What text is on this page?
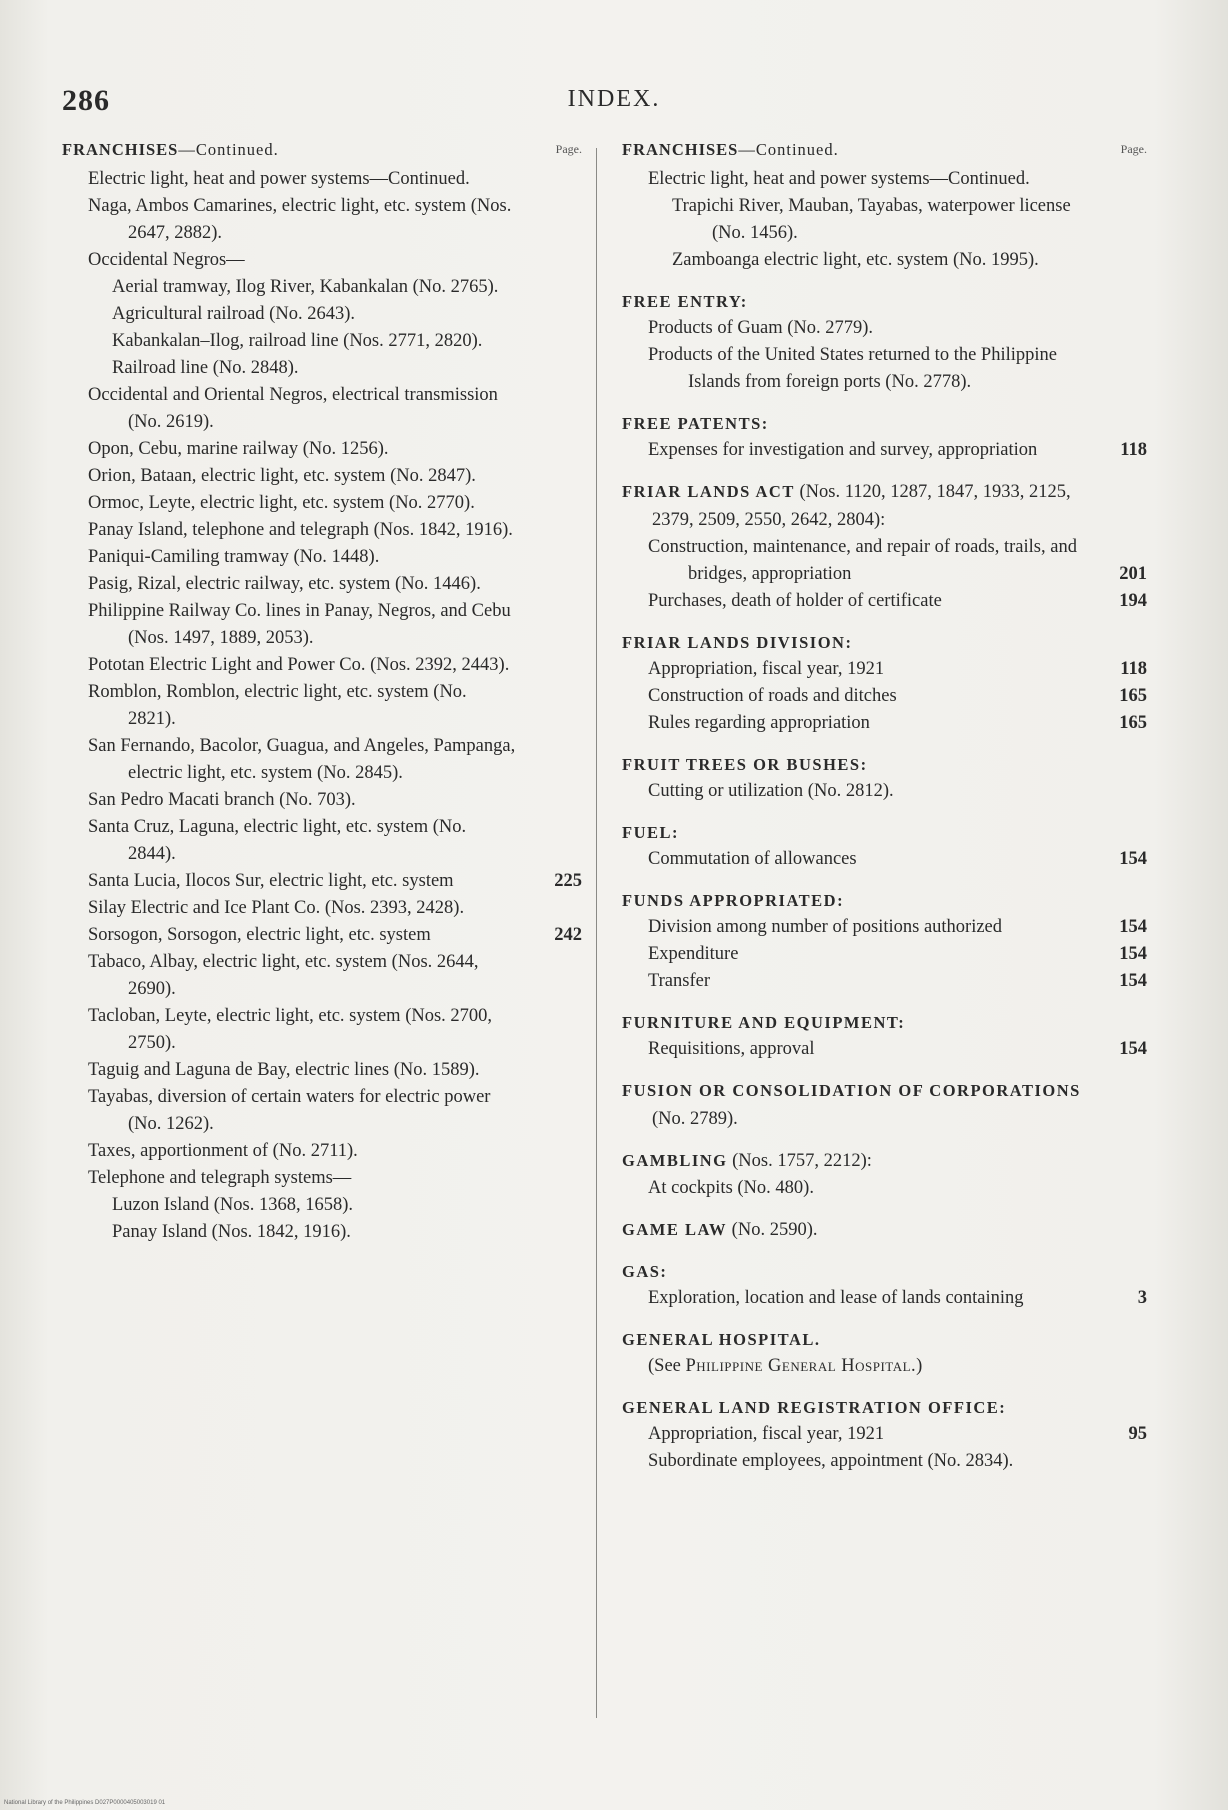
286	INDEX.
FRANCHISES—Continued.	Page.
Electric light, heat and power systems—Continued.
Naga, Ambos Camarines, electric light, etc. system (Nos. 2647, 2882).
Occidental Negros—
Aerial tramway, Ilog River, Kabankalan (No. 2765).
Agricultural railroad (No. 2643).
Kabankalan–Ilog, railroad line (Nos. 2771, 2820).
Railroad line (No. 2848).
Occidental and Oriental Negros, electrical transmission (No. 2619).
Opon, Cebu, marine railway (No. 1256).
Orion, Bataan, electric light, etc. system (No. 2847).
Ormoc, Leyte, electric light, etc. system (No. 2770).
Panay Island, telephone and telegraph (Nos. 1842, 1916).
Paniqui-Camiling tramway (No. 1448).
Pasig, Rizal, electric railway, etc. system (No. 1446).
Philippine Railway Co. lines in Panay, Negros, and Cebu (Nos. 1497, 1889, 2053).
Pototan Electric Light and Power Co. (Nos. 2392, 2443).
Romblon, Romblon, electric light, etc. system (No. 2821).
San Fernando, Bacolor, Guagua, and Angeles, Pampanga, electric light, etc. system (No. 2845).
San Pedro Macati branch (No. 703).
Santa Cruz, Laguna, electric light, etc. system (No. 2844).
Santa Lucia, Ilocos Sur, electric light, etc. system	225
Silay Electric and Ice Plant Co. (Nos. 2393, 2428).
Sorsogon, Sorsogon, electric light, etc. system	242
Tabaco, Albay, electric light, etc. system (Nos. 2644, 2690).
Tacloban, Leyte, electric light, etc. system (Nos. 2700, 2750).
Taguig and Laguna de Bay, electric lines (No. 1589).
Tayabas, diversion of certain waters for electric power (No. 1262).
Taxes, apportionment of (No. 2711).
Telephone and telegraph systems—
Luzon Island (Nos. 1368, 1658).
Panay Island (Nos. 1842, 1916).
FRANCHISES—Continued.	Page.
Electric light, heat and power systems—Continued.
Trapichi River, Mauban, Tayabas, waterpower license (No. 1456).
Zamboanga electric light, etc. system (No. 1995).
FREE ENTRY:
Products of Guam (No. 2779).
Products of the United States returned to the Philippine Islands from foreign ports (No. 2778).
FREE PATENTS:
Expenses for investigation and survey, appropriation	118
FRIAR LANDS ACT (Nos. 1120, 1287, 1847, 1933, 2125, 2379, 2509, 2550, 2642, 2804):
Construction, maintenance, and repair of roads, trails, and bridges, appropriation	201
Purchases, death of holder of certificate	194
FRIAR LANDS DIVISION:
Appropriation, fiscal year, 1921	118
Construction of roads and ditches	165
Rules regarding appropriation	165
FRUIT TREES OR BUSHES:
Cutting or utilization (No. 2812).
FUEL:
Commutation of allowances	154
FUNDS APPROPRIATED:
Division among number of positions authorized	154
Expenditure	154
Transfer	154
FURNITURE AND EQUIPMENT:
Requisitions, approval	154
FUSION OR CONSOLIDATION OF CORPORATIONS (No. 2789).
GAMBLING (Nos. 1757, 2212):
At cockpits (No. 480).
GAME LAW (No. 2590).
GAS:
Exploration, location and lease of lands containing	3
GENERAL HOSPITAL.
(See Philippine General Hospital.)
GENERAL LAND REGISTRATION OFFICE:
Appropriation, fiscal year, 1921	95
Subordinate employees, appointment (No. 2834).
National Library of the Philippines D027P0000405003019 01
